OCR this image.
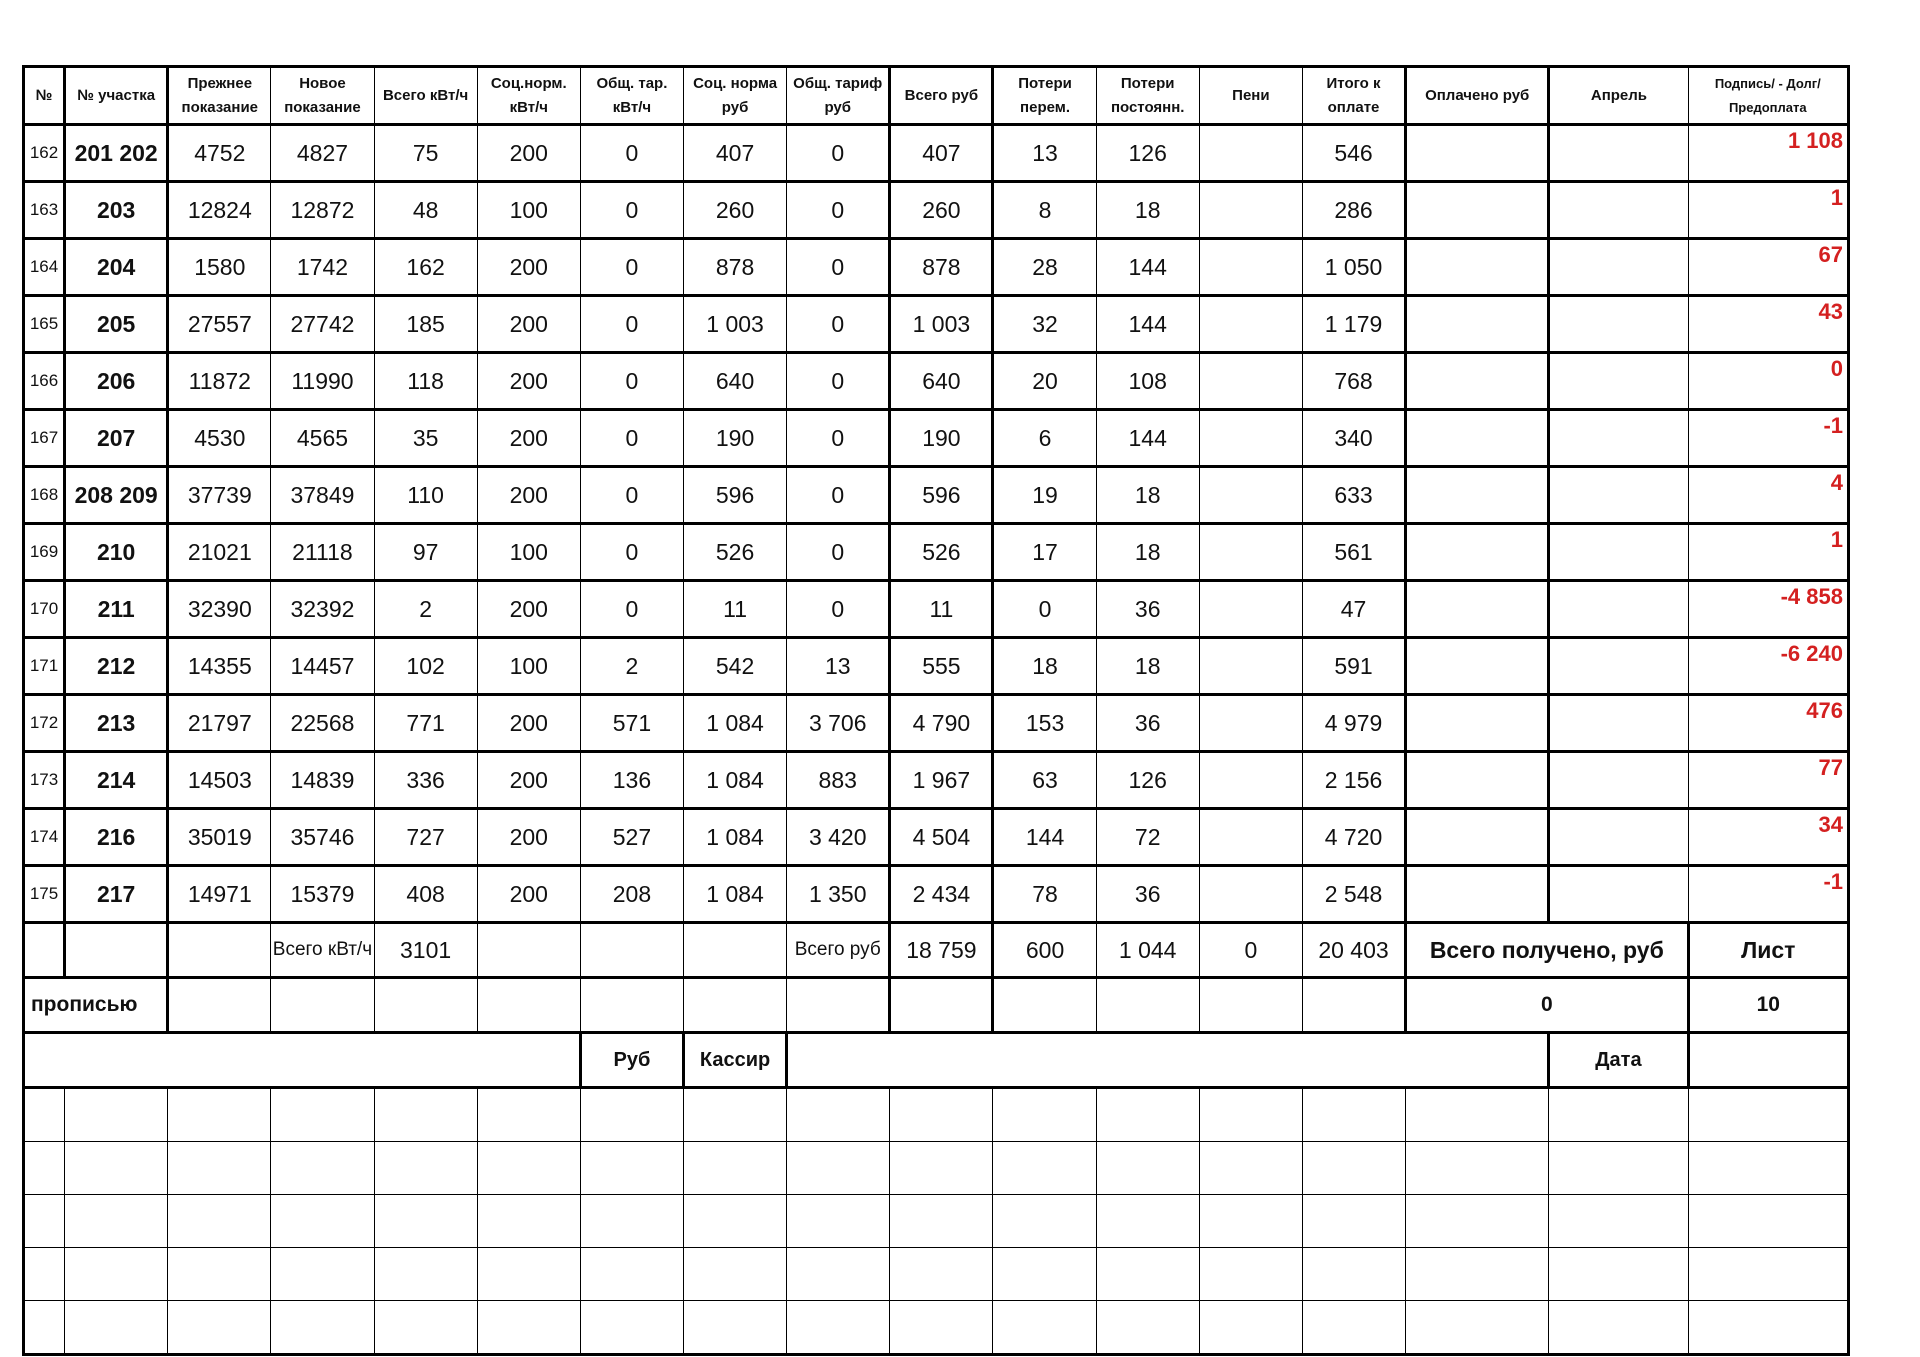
№	№ участка	Прежнее показание	Новое показание	Всего кВт/ч	Соц.норм. кВт/ч	Общ. тар. кВт/ч	Соц. норма руб	Общ. тариф руб	Всего руб	Потери перем.	Потери постоянн.	Пени	Итого к оплате	Оплачено руб	Апрель	Подпись/ - Долг/Предоплата
162	201 202	4752	4827	75	200	0	407	0	407	13	126		546			1 108
163	203	12824	12872	48	100	0	260	0	260	8	18		286			1
164	204	1580	1742	162	200	0	878	0	878	28	144		1 050			67
165	205	27557	27742	185	200	0	1 003	0	1 003	32	144		1 179			43
166	206	11872	11990	118	200	0	640	0	640	20	108		768			0
167	207	4530	4565	35	200	0	190	0	190	6	144		340			-1
168	208 209	37739	37849	110	200	0	596	0	596	19	18		633			4
169	210	21021	21118	97	100	0	526	0	526	17	18		561			1
170	211	32390	32392	2	200	0	11	0	11	0	36		47			-4 858
171	212	14355	14457	102	100	2	542	13	555	18	18		591			-6 240
172	213	21797	22568	771	200	571	1 084	3 706	4 790	153	36		4 979			476
173	214	14503	14839	336	200	136	1 084	883	1 967	63	126		2 156			77
174	216	35019	35746	727	200	527	1 084	3 420	4 504	144	72		4 720			34
175	217	14971	15379	408	200	208	1 084	1 350	2 434	78	36		2 548			-1
			Всего кВт/ч	3101				Всего руб	18 759	600	1 044	0	20 403	Всего получено, руб		Лист
прописью														0		10
						Руб	Кассир								Дата	
